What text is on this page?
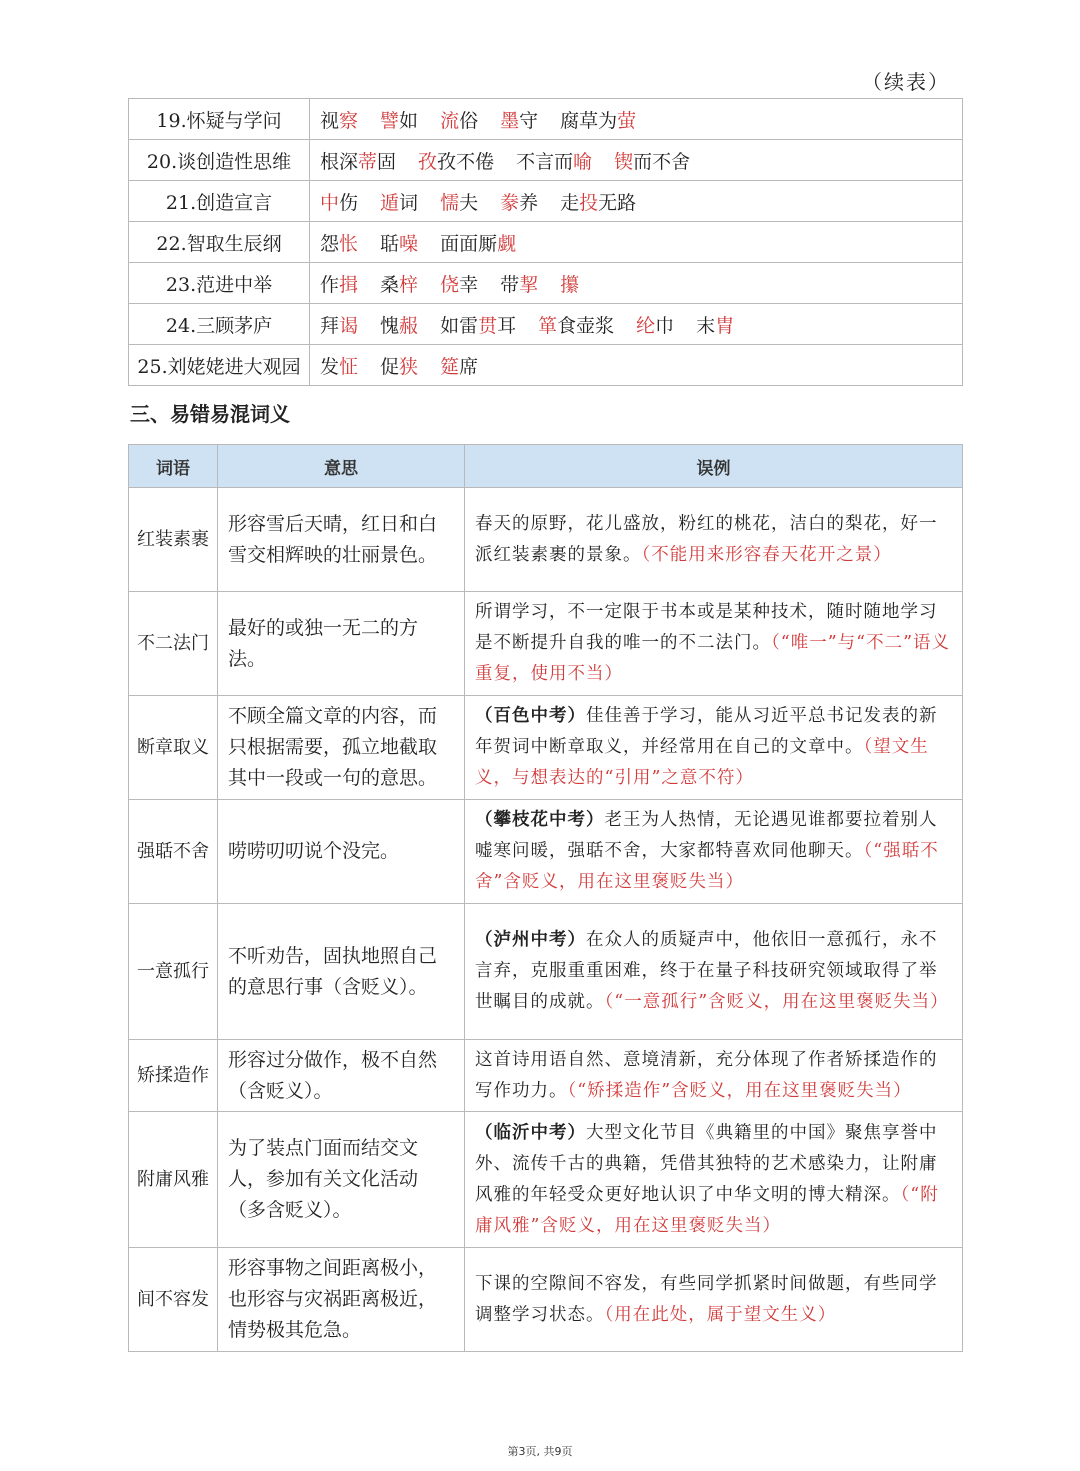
（续表）
19.怀疑与学问	视察 譬如 流俗 墨守 腐草为萤
20.谈创造性思维	根深蒂固 孜孜不倦 不言而喻 锲而不舍
21.创造宣言	中伤 遁词 懦夫 豢养 走投无路
22.智取生辰纲	怨怅 聒噪 面面厮觑
23.范进中举	作揖 桑梓 侥幸 带挈 攥
24.三顾茅庐	拜谒 愧赧 如雷贯耳 箪食壶浆 纶巾 末胄
25.刘姥姥进大观园	发怔 促狭 筵席
三、易错易混词义
词语	意思	误例
红装素裹	形容雪后天晴，红日和白雪交相辉映的壮丽景色。	春天的原野，花儿盛放，粉红的桃花，洁白的梨花，好一派红装素裹的景象。（不能用来形容春天花开之景）
不二法门	最好的或独一无二的方法。	所谓学习，不一定限于书本或是某种技术，随时随地学习是不断提升自我的唯一的不二法门。（“唯一”与“不二”语义重复，使用不当）
断章取义	不顾全篇文章的内容，而只根据需要，孤立地截取其中一段或一句的意思。	（百色中考）佳佳善于学习，能从习近平总书记发表的新年贺词中断章取义，并经常用在自己的文章中。（望文生义，与想表达的“引用”之意不符）
强聒不舍	唠唠叨叨说个没完。	（攀枝花中考）老王为人热情，无论遇见谁都要拉着别人嘘寒问暖，强聒不舍，大家都特喜欢同他聊天。（“强聒不舍”含贬义，用在这里褒贬失当）
一意孤行	不听劝告，固执地照自己的意思行事（含贬义）。	（泸州中考）在众人的质疑声中，他依旧一意孤行，永不言弃，克服重重困难，终于在量子科技研究领域取得了举世瞩目的成就。（“一意孤行”含贬义，用在这里褒贬失当）
矫揉造作	形容过分做作，极不自然（含贬义）。	这首诗用语自然、意境清新，充分体现了作者矫揉造作的写作功力。（“矫揉造作”含贬义，用在这里褒贬失当）
附庸风雅	为了装点门面而结交文人，参加有关文化活动（多含贬义）。	（临沂中考）大型文化节目《典籍里的中国》聚焦享誉中外、流传千古的典籍，凭借其独特的艺术感染力，让附庸风雅的年轻受众更好地认识了中华文明的博大精深。（“附庸风雅”含贬义，用在这里褒贬失当）
间不容发	形容事物之间距离极小，也形容与灾祸距离极近，情势极其危急。	下课的空隙间不容发，有些同学抓紧时间做题，有些同学调整学习状态。（用在此处，属于望文生义）
第3页, 共9页
